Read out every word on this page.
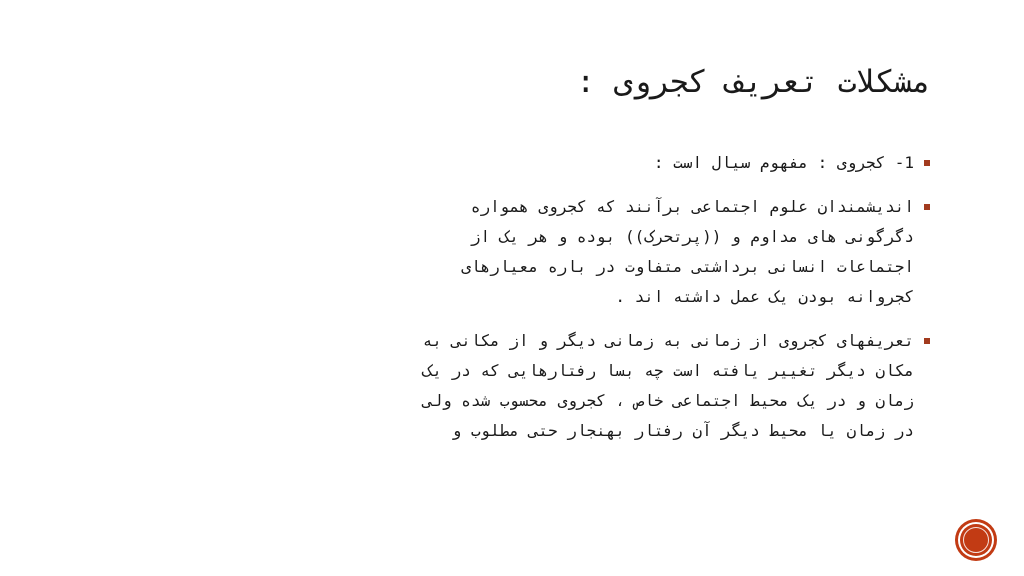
مشکلات تعریف کجروی :
1- کجروی : مفهوم سیال است :
اندیشمندان علوم اجتماعی برآنند که کجروی همواره
دگرگونی های مداوم و ((پرتحرک)) بوده و هر یک از
اجتماعات انسانی برداشتی متفاوت در باره معیارهای
کجروانه بودن یک عمل داشته اند .
تعریفهای کجروی از زمانی به زمانی دیگر و از مکانی به
مکان دیگر تغییر یافته است چه بسا رفتارهایی که در یک
زمان و در یک محیط اجتماعی خاص ، کجروی محسوب شده ولی
در زمان یا محیط دیگر آن رفتار بهنجار حتی مطلوب و
